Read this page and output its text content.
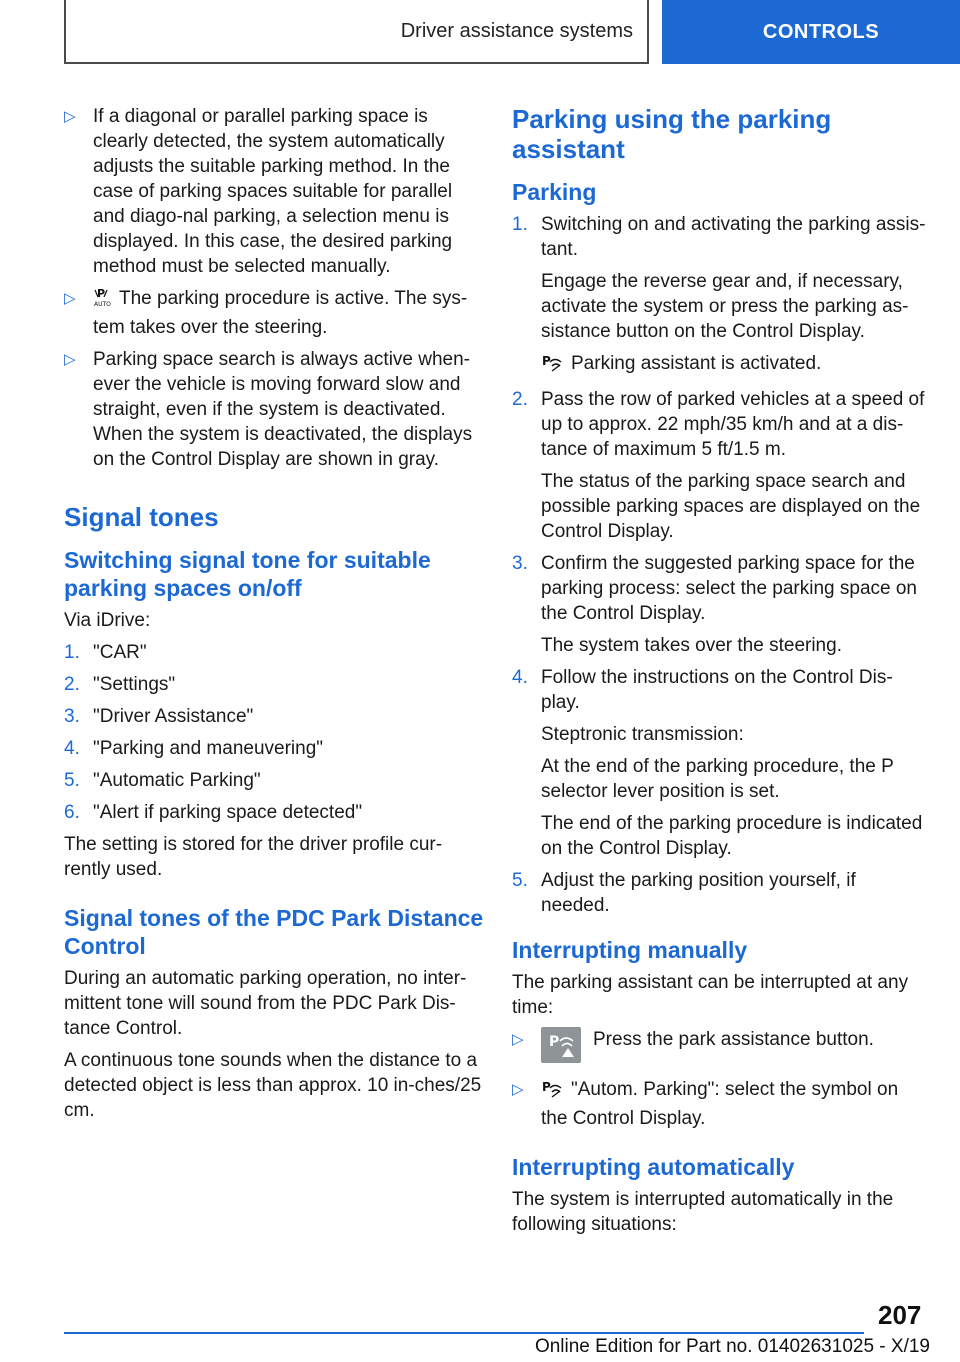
Driver assistance systems	CONTROLS
▷ If a diagonal or parallel parking space is clearly detected, the system automatically adjusts the suitable parking method. In the case of parking spaces suitable for parallel and diago-nal parking, a selection menu is displayed. In this case, the desired parking method must be selected manually.
▷	P
AUTO The parking procedure is active. The sys-tem takes over the steering.
▷ Parking space search is always active when-ever the vehicle is moving forward slow and straight, even if the system is deactivated. When the system is deactivated, the displays on the Control Display are shown in gray.
Signal tones
Switching signal tone for suitable parking spaces on/off
Via iDrive:
1. "CAR"
2. "Settings"
3. "Driver Assistance"
4. "Parking and maneuvering"
5. "Automatic Parking"
6. "Alert if parking space detected"
The setting is stored for the driver profile cur-rently used.
Signal tones of the PDC Park Distance Control
During an automatic parking operation, no inter-mittent tone will sound from the PDC Park Dis-tance Control.
A continuous tone sounds when the distance to a detected object is less than approx. 10 in-ches/25 cm.
Parking using the parking assistant
Parking
1. Switching on and activating the parking assis-tant.
Engage the reverse gear and, if necessary, activate the system or press the parking as-sistance button on the Control Display.
P Parking assistant is activated.
2. Pass the row of parked vehicles at a speed of up to approx. 22 mph/35 km/h and at a dis-tance of maximum 5 ft/1.5 m.
The status of the parking space search and possible parking spaces are displayed on the Control Display.
3. Confirm the suggested parking space for the parking process: select the parking space on the Control Display.
The system takes over the steering.
4. Follow the instructions on the Control Dis-play.
Steptronic transmission:
At the end of the parking procedure, the P selector lever position is set.
The end of the parking procedure is indicated on the Control Display.
5. Adjust the parking position yourself, if needed.
Interrupting manually
The parking assistant can be interrupted at any time:
▷	P Press the park assistance button.
▷	P "Autom. Parking": select the symbol on the Control Display.
Interrupting automatically
The system is interrupted automatically in the following situations:
207
Online Edition for Part no. 01402631025 - X/19
